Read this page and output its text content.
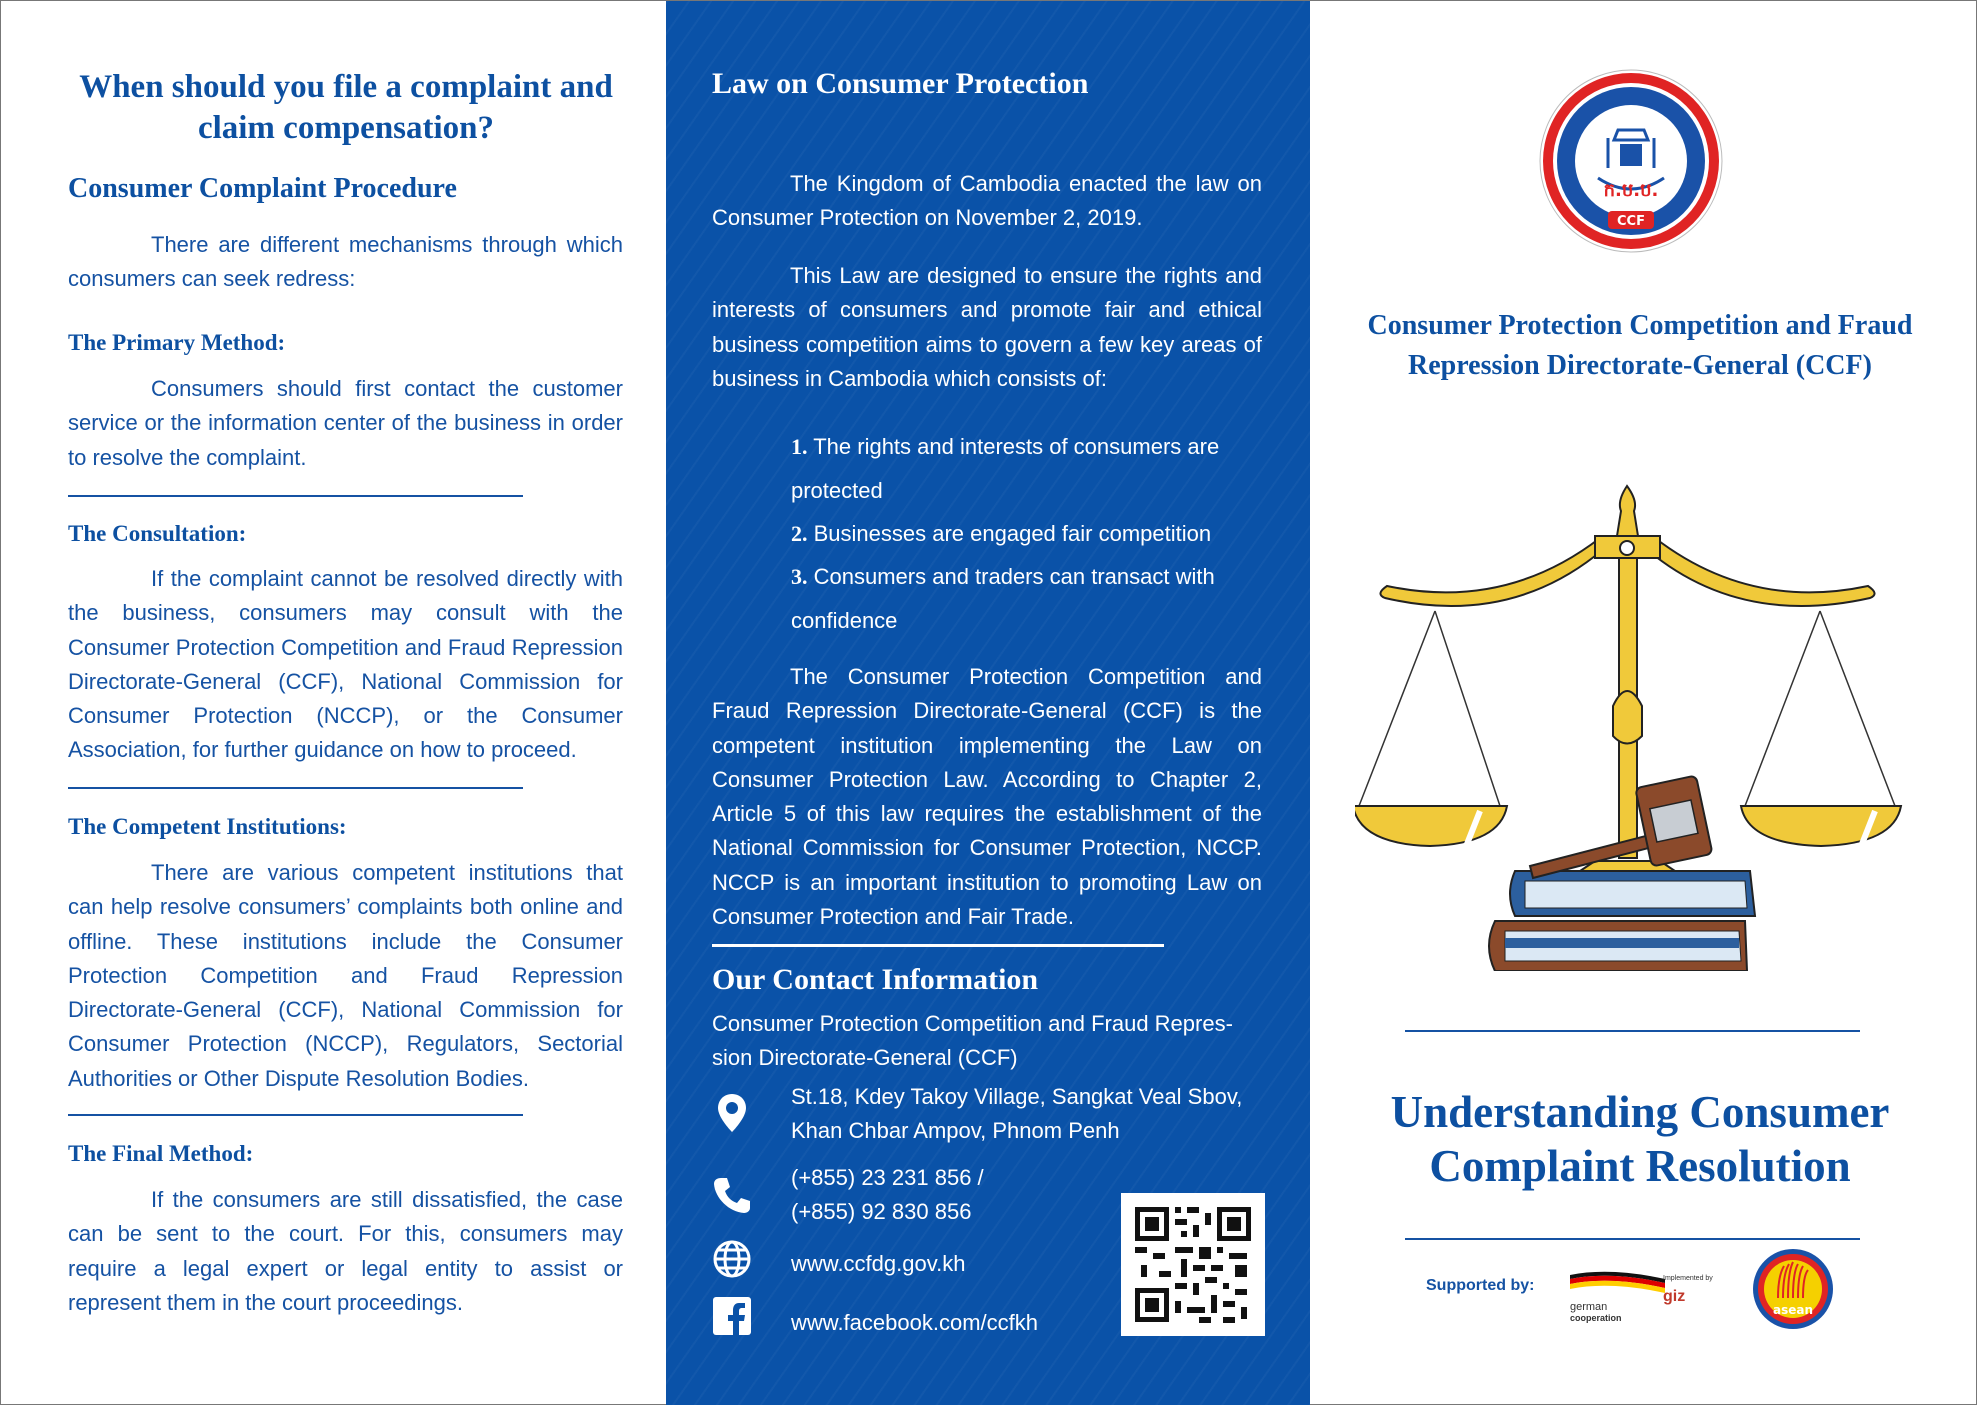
When should you file a complaint and claim compensation?
Consumer Complaint Procedure

There are different mechanisms through which consumers can seek redress:

The Primary Method:

Consumers should first contact the customer service or the information center of the business in order to resolve the complaint.

The Consultation:

If the complaint cannot be resolved directly with the business, consumers may consult with the Consumer Protection Competition and Fraud Repression Directorate-General (CCF), National Commission for Consumer Protection (NCCP), or the Consumer Association, for further guidance on how to proceed.

The Competent Institutions:

There are various competent institutions that can help resolve consumers’ complaints both online and offline. These institutions include the Consumer Protection Competition and Fraud Repression Directorate-General (CCF), National Commission for Consumer Protection (NCCP), Regulators, Sectorial Authorities or Other Dispute Resolution Bodies.

The Final Method:

If the consumers are still dissatisfied, the case can be sent to the court. For this, consumers may require a legal expert or legal entity to assist or represent them in the court proceedings.

Law on Consumer Protection

The Kingdom of Cambodia enacted the law on Consumer Protection on November 2, 2019.

This Law are designed to ensure the rights and interests of consumers and promote fair and ethical business competition aims to govern a few key areas of business in Cambodia which consists of:

1. The rights and interests of consumers are protected
2. Businesses are engaged fair competition
3. Consumers and traders can transact with confidence

The Consumer Protection Competition and Fraud Repression Directorate-General (CCF) is the competent institution implementing the Law on Consumer Protection Law. According to Chapter 2, Article 5 of this law requires the establishment of the National Commission for Consumer Protection, NCCP. NCCP is an important institution to promoting Law on Consumer Protection and Fair Trade.

Our Contact Information

Consumer Protection Competition and Fraud Repres-sion Directorate-General (CCF)

St.18, Kdey Takoy Village, Sangkat Veal Sbov,
Khan Chbar Ampov, Phnom Penh
(+855) 23 231 856 /
(+855) 92 830 856
www.ccfdg.gov.kh
www.facebook.com/ccfkh
ក.ប.ប.
CCF
Consumer Protection Competition and Fraud Repression Directorate-General (CCF)
Understanding Consumer Complaint Resolution
Supported by:
german
cooperation
Implemented by
giz
asean
